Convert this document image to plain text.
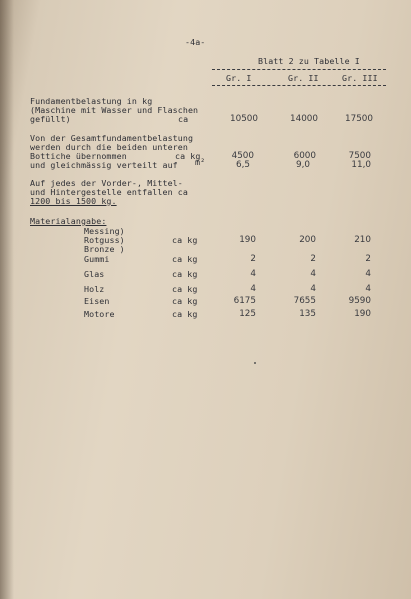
-4a-
Blatt 2 zu Tabelle I
Gr. I	Gr. II	Gr. III
Fundamentbelastung in kg
(Maschine mit Wasser und Flaschen
gefüllt)	ca	10500	14000	17500
Von der Gesamtfundamentbelastung
werden durch die beiden unteren
Bottiche übernommen	ca kg
und gleichmässig verteilt auf m²
4500	6000	7500
6,5	9,0	11,0
Auf jedes der Vorder-, Mittel-
und Hintergestelle entfallen ca
1200 bis 1500 kg.
Materialangabe:
Messing)
Rotguss)
Bronze )
ca kg	190	200	210
Gummi	ca kg	2	2	2
Glas	ca kg	4	4	4
Holz	ca kg	4	4	4
Eisen	ca kg	6175	7655	9590
Motore	ca kg	125	135	190
